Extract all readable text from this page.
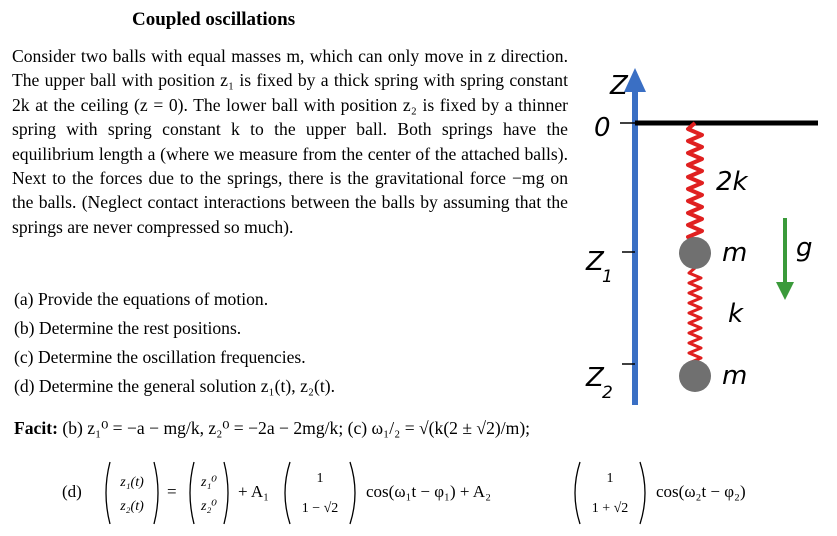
Coupled oscillations

Consider two balls with equal masses m, which can only move in z direction. The upper ball with position z₁ is fixed by a thick spring with spring constant 2k at the ceiling (z = 0). The lower ball with position z₂ is fixed by a thinner spring with spring constant k to the upper ball. Both springs have the equilibrium length a (where we measure from the center of the attached balls). Next to the forces due to the springs, there is the gravitational force −mg on the balls. (Neglect contact interactions between the balls by assuming that the springs are never compressed so much).

(a) Provide the equations of motion.
(b) Determine the rest positions.
(c) Determine the oscillation frequencies.
(d) Determine the general solution z₁(t), z₂(t).
Facit: (b) z₁⁰ = −a − mg/k, z₂⁰ = −2a − 2mg/k; (c) ω₁/₂ = √(k(2 ± √2)/m);
(d)	z₁(t)
z₂(t)
= z₁⁰
z₂⁰
+ A₁
1
1 − √2
cos(ω₁t − φ₁) + A₂
1
1 + √2
cos(ω₂t − φ₂)
Z
0
2k
k
m
m
Z
1
Z
2
g
